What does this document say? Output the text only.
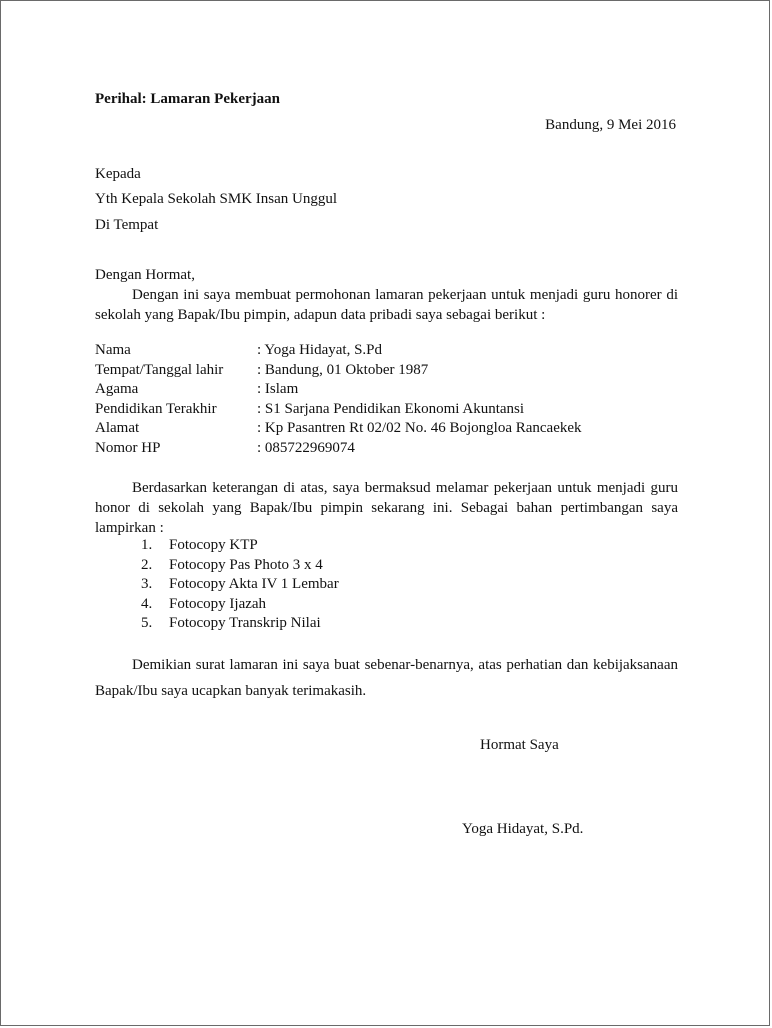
Perihal: Lamaran Pekerjaan
Bandung, 9 Mei 2016
Kepada
Yth Kepala Sekolah SMK Insan Unggul
Di Tempat
Dengan Hormat,
Dengan ini saya membuat permohonan lamaran pekerjaan untuk menjadi guru honorer di sekolah yang Bapak/Ibu pimpin, adapun data pribadi saya sebagai berikut :
Nama	: Yoga Hidayat, S.Pd
Tempat/Tanggal lahir	: Bandung, 01 Oktober 1987
Agama	: Islam
Pendidikan Terakhir	: S1 Sarjana Pendidikan Ekonomi Akuntansi
Alamat	: Kp Pasantren Rt 02/02 No. 46 Bojongloa Rancaekek
Nomor HP	: 085722969074
Berdasarkan keterangan di atas, saya bermaksud melamar pekerjaan untuk menjadi guru honor di sekolah yang Bapak/Ibu pimpin sekarang ini. Sebagai bahan pertimbangan saya lampirkan :
1. Fotocopy KTP
2. Fotocopy Pas Photo 3 x 4
3. Fotocopy Akta IV 1 Lembar
4. Fotocopy Ijazah
5. Fotocopy Transkrip Nilai
Demikian surat lamaran ini saya buat sebenar-benarnya, atas perhatian dan kebijaksanaan Bapak/Ibu saya ucapkan banyak terimakasih.
Hormat Saya
Yoga Hidayat, S.Pd.
